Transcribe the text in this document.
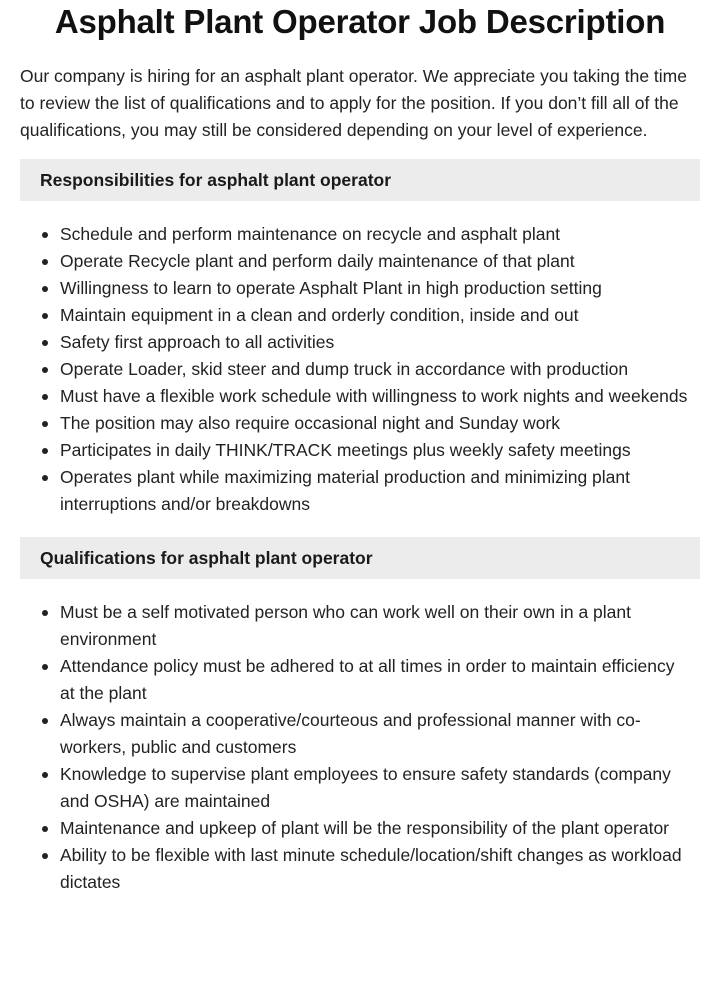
Asphalt Plant Operator Job Description

Our company is hiring for an asphalt plant operator. We appreciate you taking the time to review the list of qualifications and to apply for the position. If you don’t fill all of the qualifications, you may still be considered depending on your level of experience.

Responsibilities for asphalt plant operator
Schedule and perform maintenance on recycle and asphalt plant
Operate Recycle plant and perform daily maintenance of that plant
Willingness to learn to operate Asphalt Plant in high production setting
Maintain equipment in a clean and orderly condition, inside and out
Safety first approach to all activities
Operate Loader, skid steer and dump truck in accordance with production
Must have a flexible work schedule with willingness to work nights and weekends
The position may also require occasional night and Sunday work
Participates in daily THINK/TRACK meetings plus weekly safety meetings
Operates plant while maximizing material production and minimizing plant interruptions and/or breakdowns
Qualifications for asphalt plant operator
Must be a self motivated person who can work well on their own in a plant environment
Attendance policy must be adhered to at all times in order to maintain efficiency at the plant
Always maintain a cooperative/courteous and professional manner with co-workers, public and customers
Knowledge to supervise plant employees to ensure safety standards (company and OSHA) are maintained
Maintenance and upkeep of plant will be the responsibility of the plant operator
Ability to be flexible with last minute schedule/location/shift changes as workload dictates
